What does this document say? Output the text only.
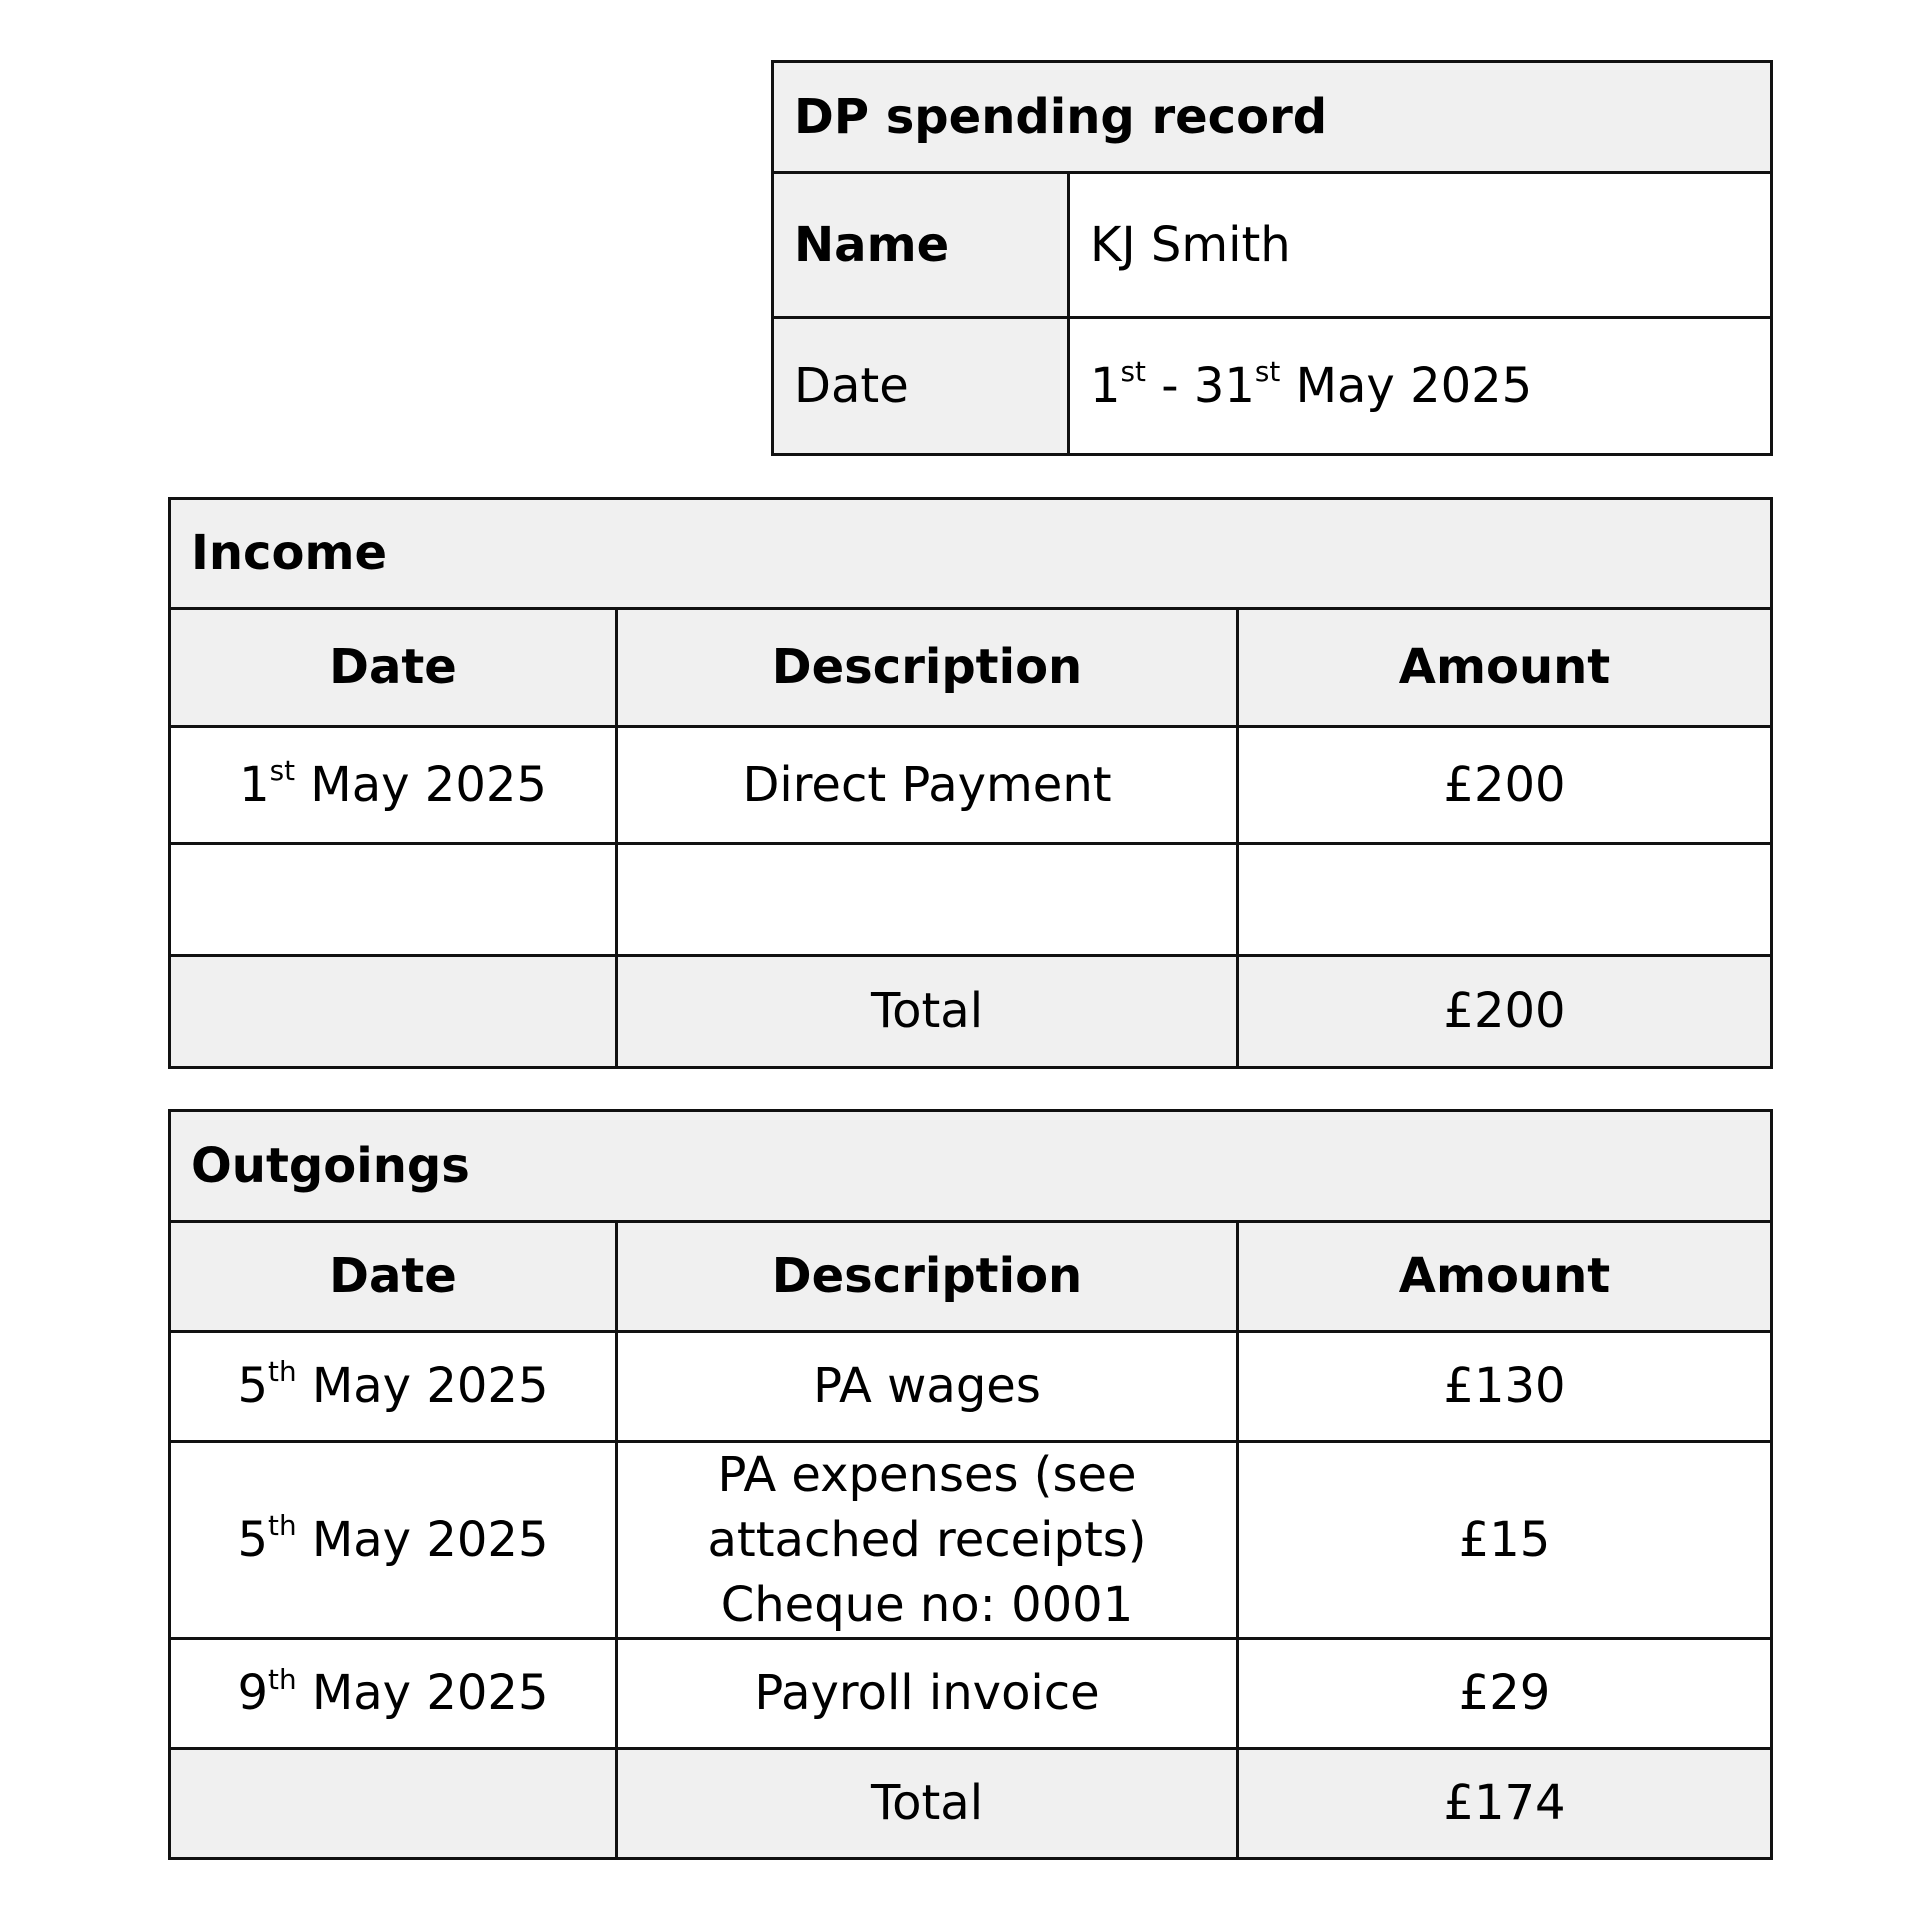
DP spending record	
Name	KJ Smith
Date	1st - 31st May 2025
Income		
Date	Description	Amount
1st May 2025	Direct Payment	£200

	Total	£200
Outgoings		
Date	Description	Amount
5th May 2025	PA wages	£130
5th May 2025	PA expenses (see attached receipts) Cheque no: 0001	£15
9th May 2025	Payroll invoice	£29
	Total	£174
